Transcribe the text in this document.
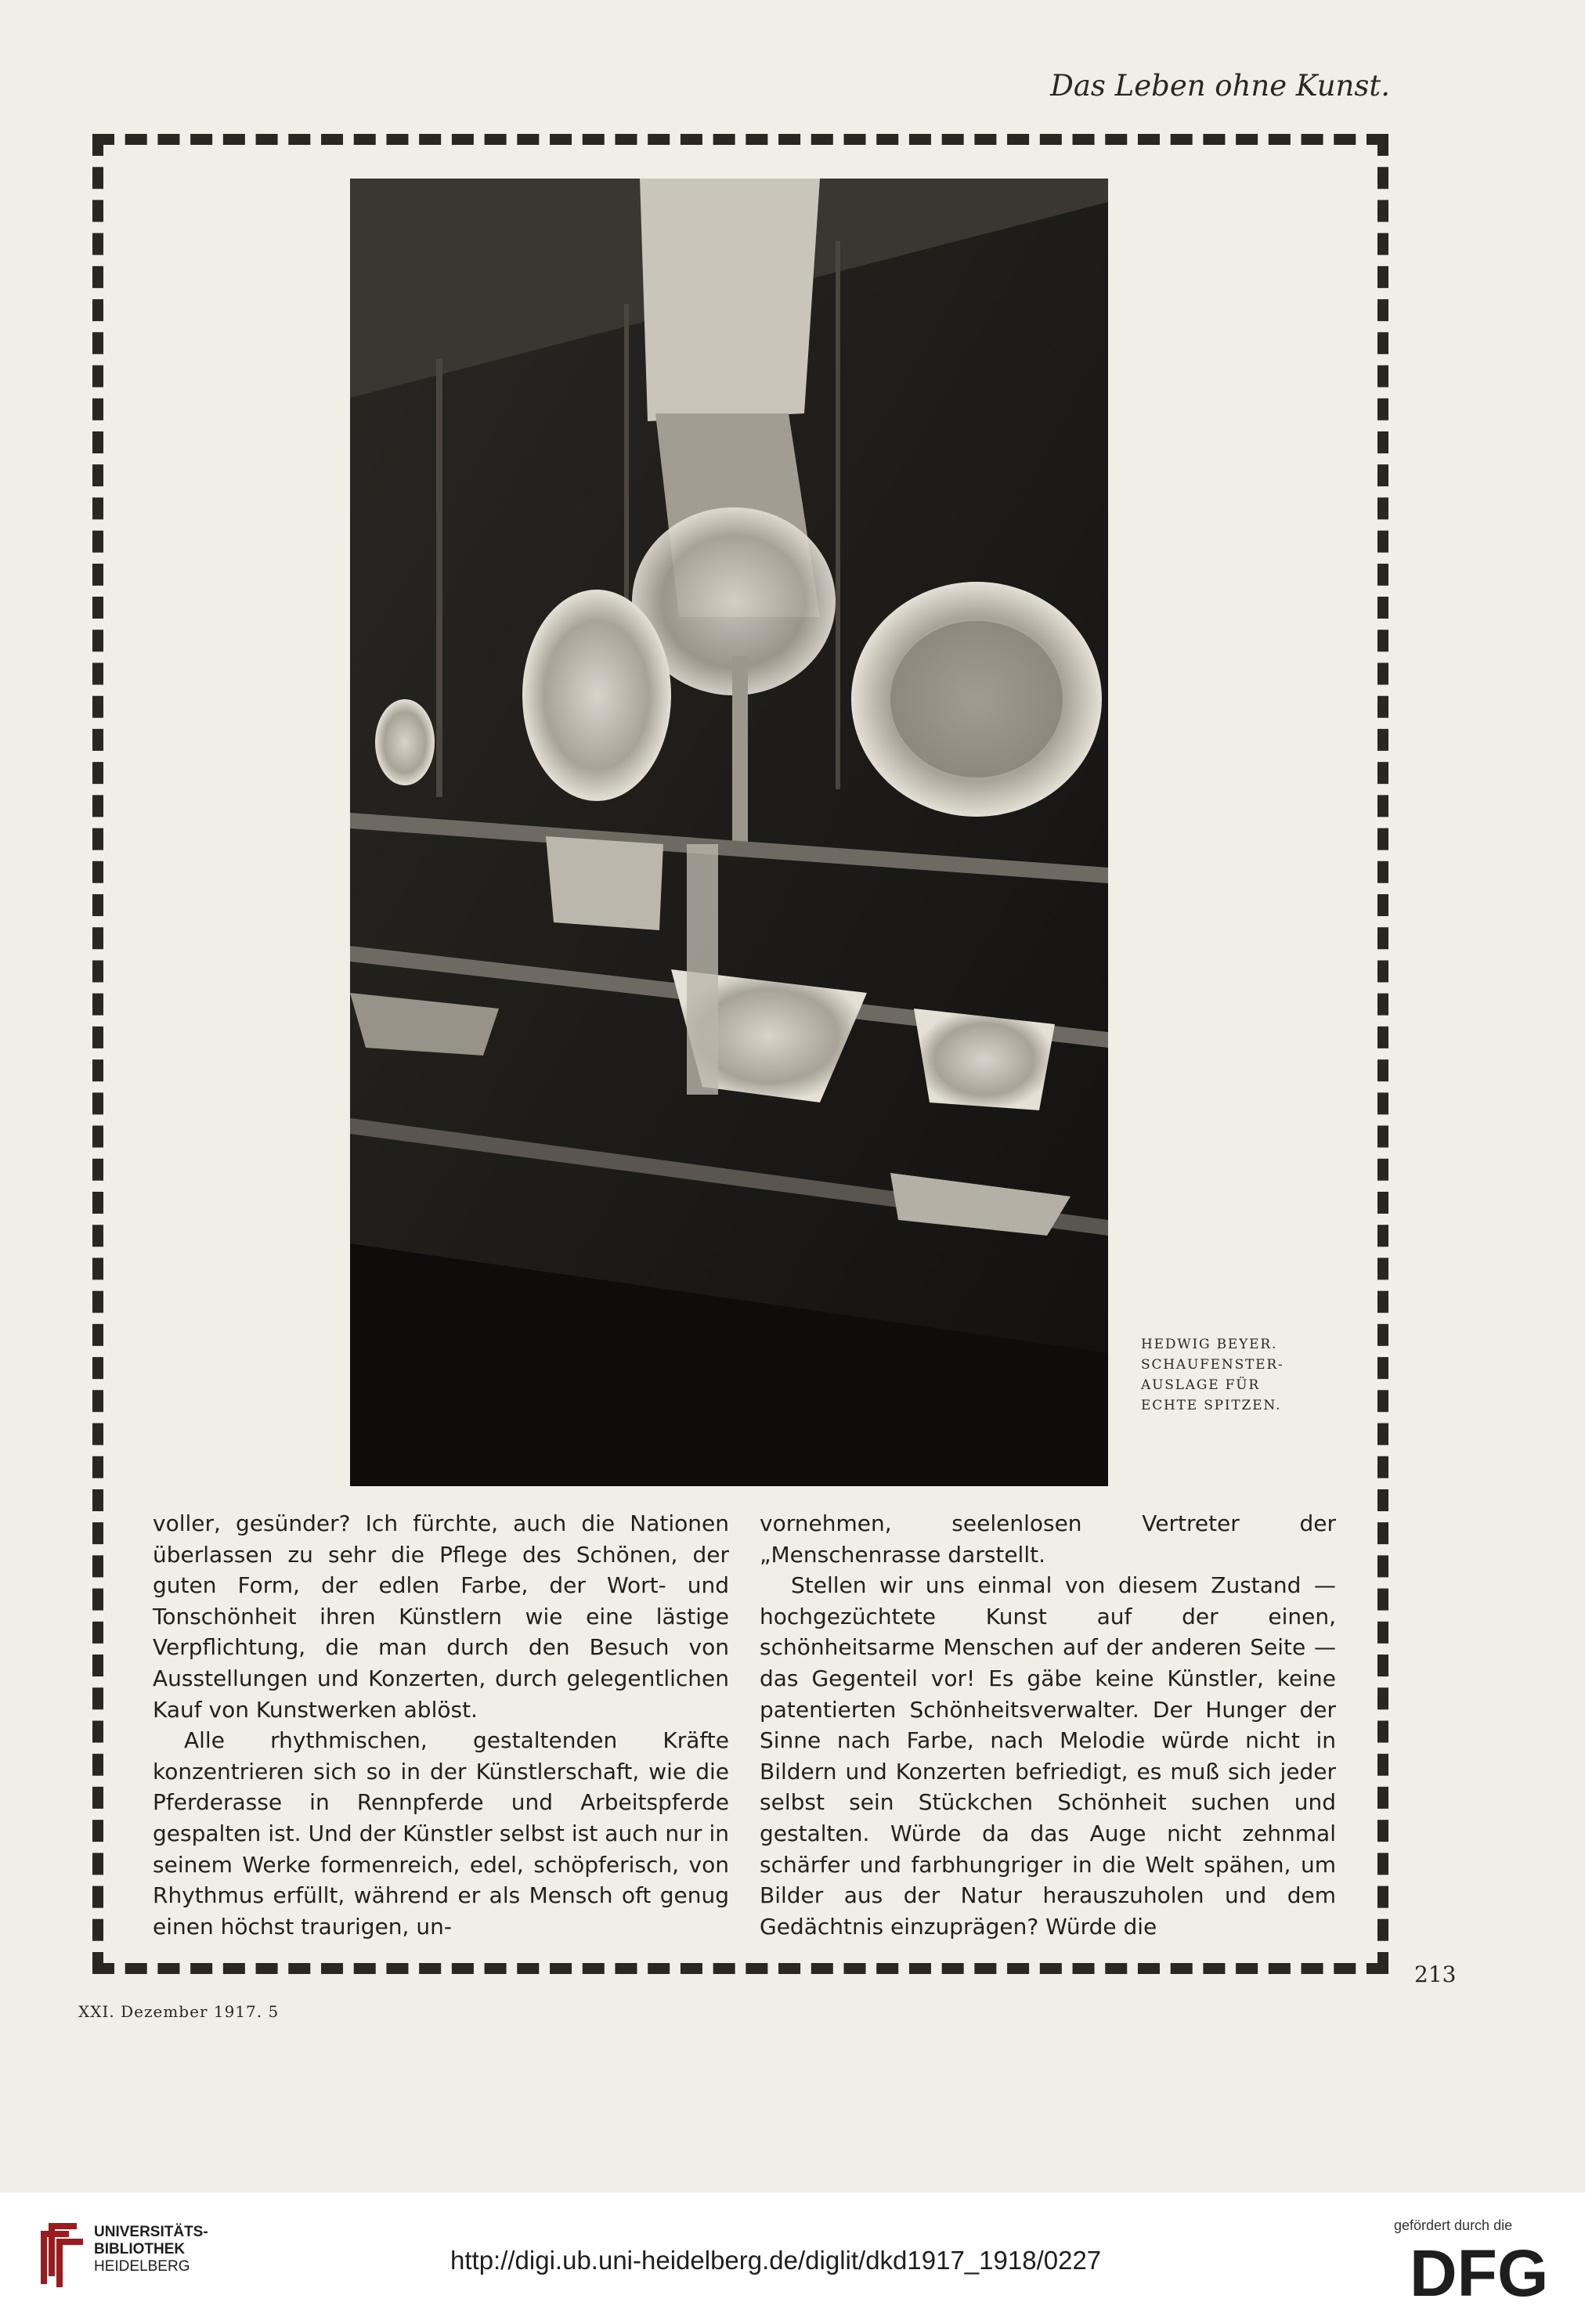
Das Leben ohne Kunst.
HEDWIG BEYER.
SCHAUFENSTER-
AUSLAGE FÜR
ECHTE SPITZEN.

voller, gesünder? Ich fürchte, auch die Nationen überlassen zu sehr die Pflege des Schönen, der guten Form, der edlen Farbe, der Wort- und Tonschönheit ihren Künstlern wie eine lästige Verpflichtung, die man durch den Besuch von Ausstellungen und Konzerten, durch gelegentlichen Kauf von Kunstwerken ablöst.

Alle rhythmischen, gestaltenden Kräfte konzentrieren sich so in der Künstlerschaft, wie die Pferderasse in Rennpferde und Arbeitspferde gespalten ist. Und der Künstler selbst ist auch nur in seinem Werke formenreich, edel, schöpferisch, von Rhythmus erfüllt, während er als Mensch oft genug einen höchst traurigen, un-

vornehmen, seelenlosen Vertreter der „Menschenrasse darstellt.

Stellen wir uns einmal von diesem Zustand — hochgezüchtete Kunst auf der einen, schönheitsarme Menschen auf der anderen Seite — das Gegenteil vor! Es gäbe keine Künstler, keine patentierten Schönheitsverwalter. Der Hunger der Sinne nach Farbe, nach Melodie würde nicht in Bildern und Konzerten befriedigt, es muß sich jeder selbst sein Stückchen Schönheit suchen und gestalten. Würde da das Auge nicht zehnmal schärfer und farbhungriger in die Welt spähen, um Bilder aus der Natur herauszuholen und dem Gedächtnis einzuprägen? Würde die

213
XXI. Dezember 1917. 5
UNIVERSITÄTS-
BIBLIOTHEK
HEIDELBERG	http://digi.ub.uni-heidelberg.de/diglit/dkd1917_1918/0227
gefördert durch die
DFG
